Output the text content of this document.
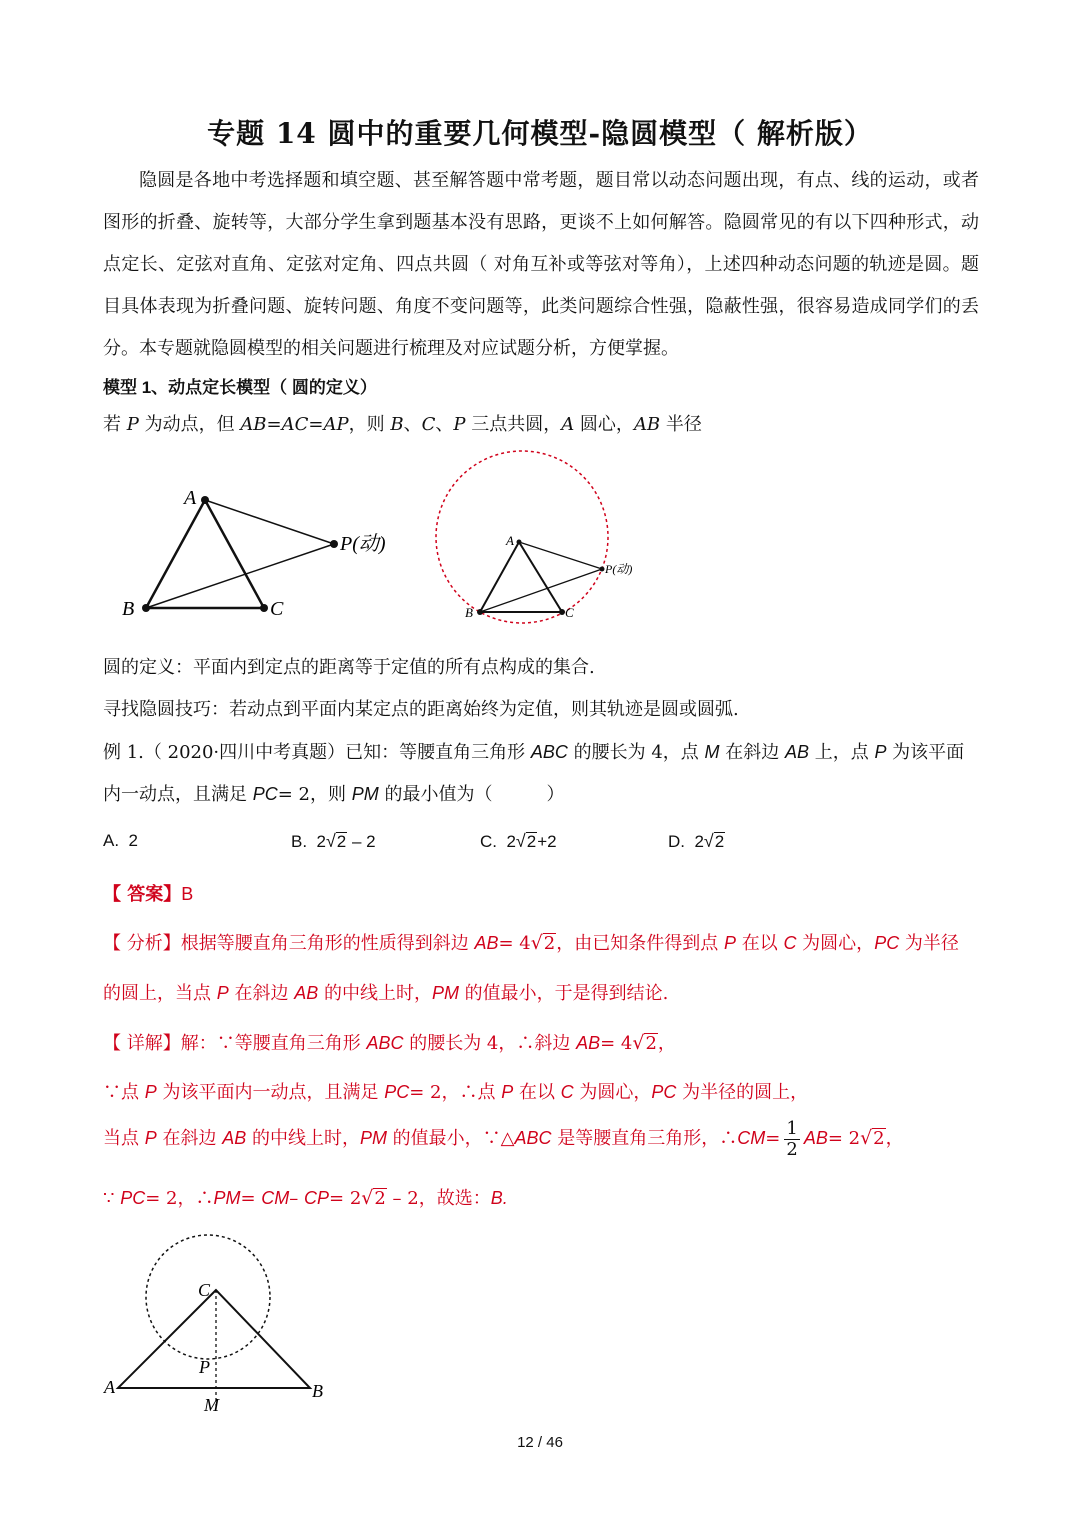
专题 14 圆中的重要几何模型-隐圆模型（ 解析版）
隐圆是各地中考选择题和填空题、甚至解答题中常考题，题目常以动态问题出现，有点、线的运动，或者图形的折叠、旋转等，大部分学生拿到题基本没有思路，更谈不上如何解答。隐圆常见的有以下四种形式，动点定长、定弦对直角、定弦对定角、四点共圆（ 对角互补或等弦对等角），上述四种动态问题的轨迹是圆。题目具体表现为折叠问题、旋转问题、角度不变问题等，此类问题综合性强，隐蔽性强，很容易造成同学们的丢分。本专题就隐圆模型的相关问题进行梳理及对应试题分析，方便掌握。
模型 1、动点定长模型（ 圆的定义）
若 P 为动点，但 AB=AC=AP，则 B、C、P 三点共圆，A 圆心，AB 半径
A
B	C
P(动)	A
B	C
P(动)
圆的定义：平面内到定点的距离等于定值的所有点构成的集合.
寻找隐圆技巧：若动点到平面内某定点的距离始终为定值，则其轨迹是圆或圆弧.
例 1.（ 2020·四川中考真题）已知：等腰直角三角形 ABC 的腰长为 4，点 M 在斜边 AB 上，点 P 为该平面
内一动点，且满足 PC= 2，则 PM 的最小值为（　　　）
A. 2	B. 2√2 – 2	C. 2√2+2	D. 2√2
【 答案】B
【 分析】根据等腰直角三角形的性质得到斜边 AB= 4√2，由已知条件得到点 P 在以 C 为圆心，PC 为半径
的圆上，当点 P 在斜边 AB 的中线上时，PM 的值最小，于是得到结论.
【 详解】解：∵等腰直角三角形 ABC 的腰长为 4，∴斜边 AB= 4√2，
∵点 P 为该平面内一动点，且满足 PC= 2，∴点 P 在以 C 为圆心，PC 为半径的圆上，
当点 P 在斜边 AB 的中线上时，PM 的值最小，∵△ABC 是等腰直角三角形，∴CM= $\frac{1}{2} AB= 2√2$，
∵ PC= 2，∴PM= CM– CP= 2√2 – 2，故选：B.
C
A	B
P
M
12 / 46
